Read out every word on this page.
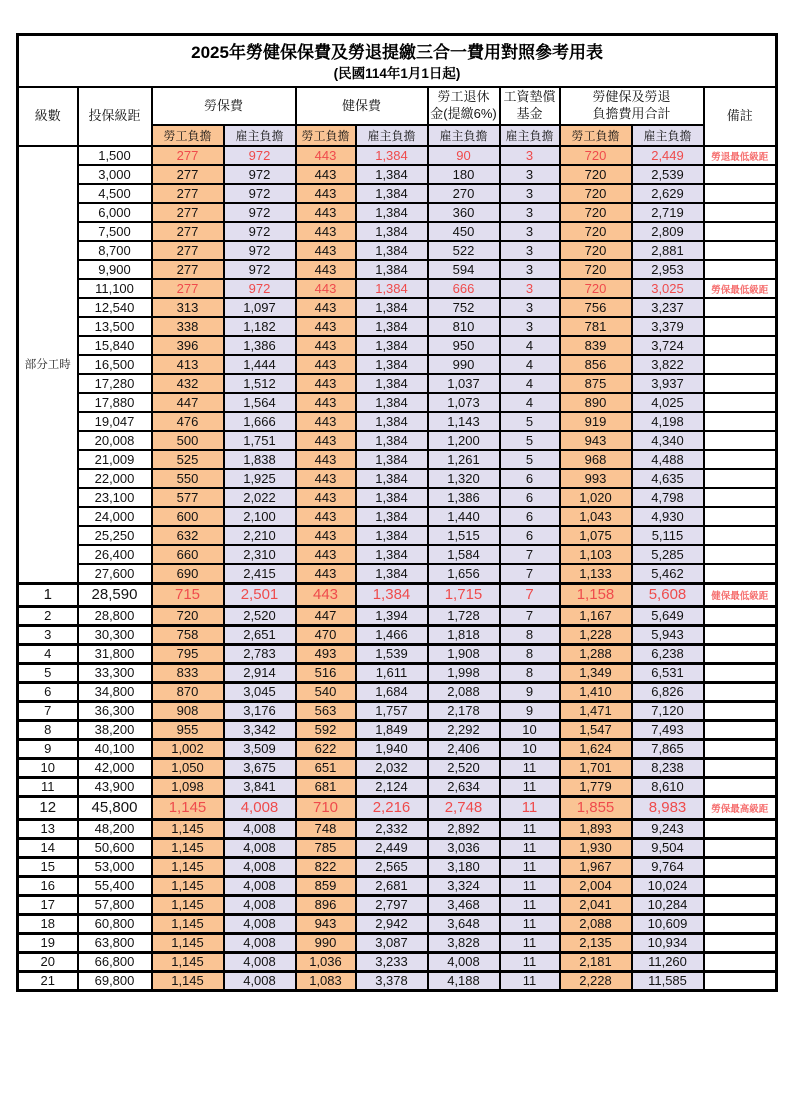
2025年勞健保保費及勞退提繳三合一費用對照參考用表
(民國114年1月1日起)										

級數	投保級距	勞保費		健保費		勞工退休
金(提繳6%)	工資墊償
基金	勞健保及勞退
負擔費用合計		備註
		勞工負擔	雇主負擔	勞工負擔	雇主負擔	雇主負擔	雇主負擔	勞工負擔	雇主負擔	
部分工時	1,500	277	972	443	1,384	90	3	720	2,449	勞退最低級距
	3,000	277	972	443	1,384	180	3	720	2,539	
	4,500	277	972	443	1,384	270	3	720	2,629	
	6,000	277	972	443	1,384	360	3	720	2,719	
	7,500	277	972	443	1,384	450	3	720	2,809	
	8,700	277	972	443	1,384	522	3	720	2,881	
	9,900	277	972	443	1,384	594	3	720	2,953	
	11,100	277	972	443	1,384	666	3	720	3,025	勞保最低級距
	12,540	313	1,097	443	1,384	752	3	756	3,237	
	13,500	338	1,182	443	1,384	810	3	781	3,379	
	15,840	396	1,386	443	1,384	950	4	839	3,724	
	16,500	413	1,444	443	1,384	990	4	856	3,822	
	17,280	432	1,512	443	1,384	1,037	4	875	3,937	
	17,880	447	1,564	443	1,384	1,073	4	890	4,025	
	19,047	476	1,666	443	1,384	1,143	5	919	4,198	
	20,008	500	1,751	443	1,384	1,200	5	943	4,340	
	21,009	525	1,838	443	1,384	1,261	5	968	4,488	
	22,000	550	1,925	443	1,384	1,320	6	993	4,635	
	23,100	577	2,022	443	1,384	1,386	6	1,020	4,798	
	24,000	600	2,100	443	1,384	1,440	6	1,043	4,930	
	25,250	632	2,210	443	1,384	1,515	6	1,075	5,115	
	26,400	660	2,310	443	1,384	1,584	7	1,103	5,285	
	27,600	690	2,415	443	1,384	1,656	7	1,133	5,462	
1	28,590	715	2,501	443	1,384	1,715	7	1,158	5,608	健保最低級距
2	28,800	720	2,520	447	1,394	1,728	7	1,167	5,649	
3	30,300	758	2,651	470	1,466	1,818	8	1,228	5,943	
4	31,800	795	2,783	493	1,539	1,908	8	1,288	6,238	
5	33,300	833	2,914	516	1,611	1,998	8	1,349	6,531	
6	34,800	870	3,045	540	1,684	2,088	9	1,410	6,826	
7	36,300	908	3,176	563	1,757	2,178	9	1,471	7,120	
8	38,200	955	3,342	592	1,849	2,292	10	1,547	7,493	
9	40,100	1,002	3,509	622	1,940	2,406	10	1,624	7,865	
10	42,000	1,050	3,675	651	2,032	2,520	11	1,701	8,238	
11	43,900	1,098	3,841	681	2,124	2,634	11	1,779	8,610	
12	45,800	1,145	4,008	710	2,216	2,748	11	1,855	8,983	勞保最高級距
13	48,200	1,145	4,008	748	2,332	2,892	11	1,893	9,243	
14	50,600	1,145	4,008	785	2,449	3,036	11	1,930	9,504	
15	53,000	1,145	4,008	822	2,565	3,180	11	1,967	9,764	
16	55,400	1,145	4,008	859	2,681	3,324	11	2,004	10,024	
17	57,800	1,145	4,008	896	2,797	3,468	11	2,041	10,284	
18	60,800	1,145	4,008	943	2,942	3,648	11	2,088	10,609	
19	63,800	1,145	4,008	990	3,087	3,828	11	2,135	10,934	
20	66,800	1,145	4,008	1,036	3,233	4,008	11	2,181	11,260	
21	69,800	1,145	4,008	1,083	3,378	4,188	11	2,228	11,585	
